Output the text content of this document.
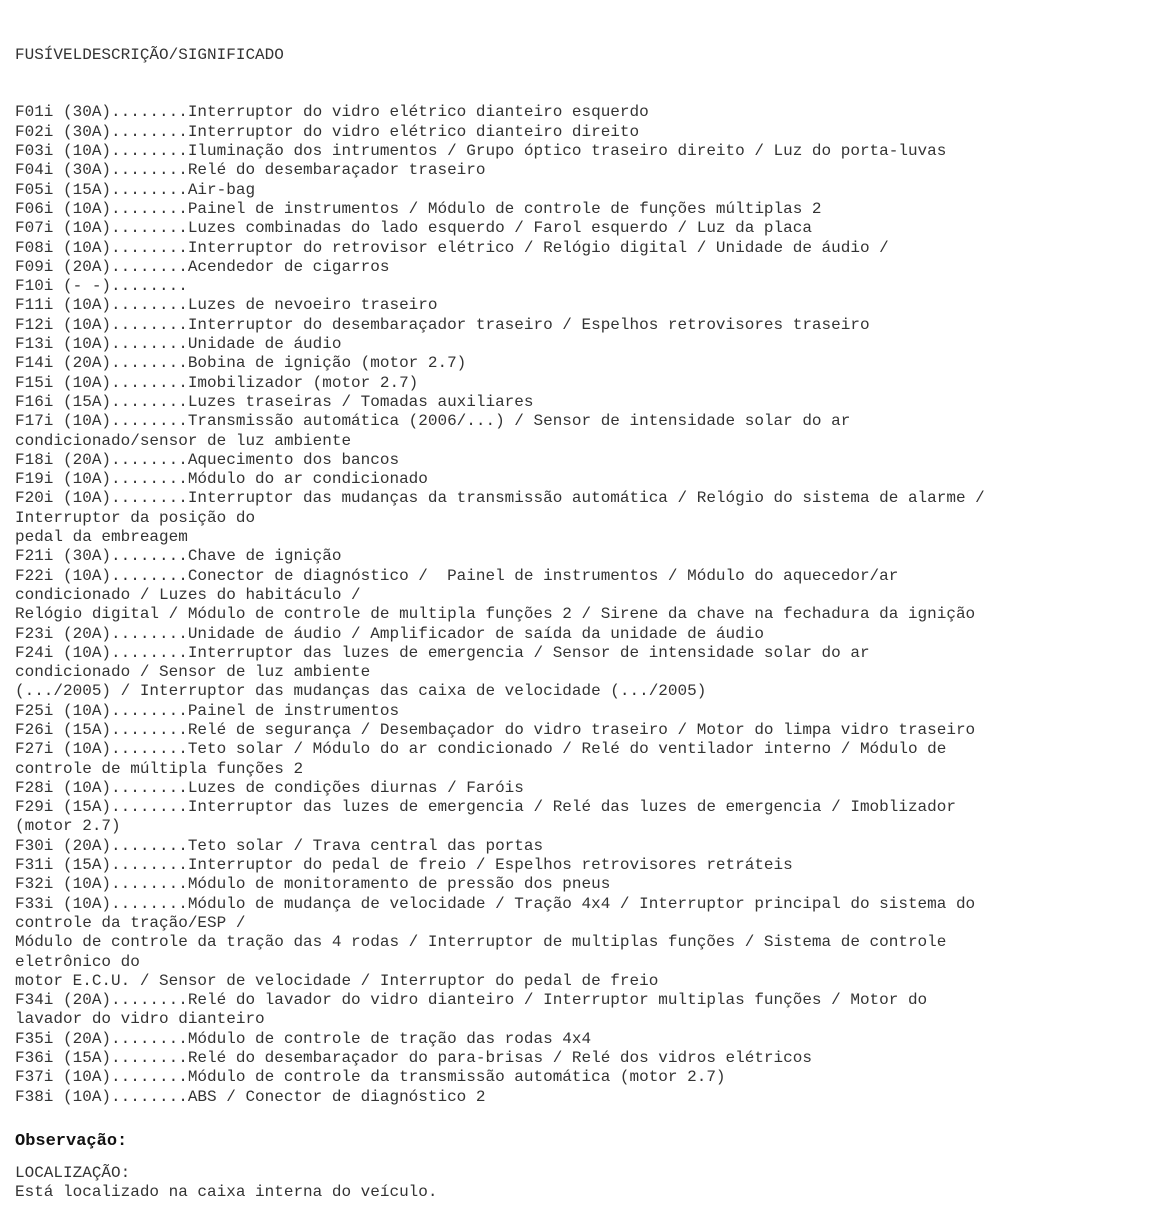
FUSÍVELDESCRIÇÃO/SIGNIFICADO

F01i (30A)........Interruptor do vidro elétrico dianteiro esquerdo
F02i (30A)........Interruptor do vidro elétrico dianteiro direito
F03i (10A)........Iluminação dos intrumentos / Grupo óptico traseiro direito / Luz do porta-luvas
F04i (30A)........Relé do desembaraçador traseiro
F05i (15A)........Air-bag
F06i (10A)........Painel de instrumentos / Módulo de controle de funções múltiplas 2
F07i (10A)........Luzes combinadas do lado esquerdo / Farol esquerdo / Luz da placa
F08i (10A)........Interruptor do retrovisor elétrico / Relógio digital / Unidade de áudio /
F09i (20A)........Acendedor de cigarros
F10i (- -)........
F11i (10A)........Luzes de nevoeiro traseiro
F12i (10A)........Interruptor do desembaraçador traseiro / Espelhos retrovisores traseiro
F13i (10A)........Unidade de áudio
F14i (20A)........Bobina de ignição (motor 2.7)
F15i (10A)........Imobilizador (motor 2.7)
F16i (15A)........Luzes traseiras / Tomadas auxiliares
F17i (10A)........Transmissão automática (2006/...) / Sensor de intensidade solar do ar
condicionado/sensor de luz ambiente
F18i (20A)........Aquecimento dos bancos
F19i (10A)........Módulo do ar condicionado
F20i (10A)........Interruptor das mudanças da transmissão automática / Relógio do sistema de alarme /
Interruptor da posição do
pedal da embreagem
F21i (30A)........Chave de ignição
F22i (10A)........Conector de diagnóstico /  Painel de instrumentos / Módulo do aquecedor/ar
condicionado / Luzes do habitáculo /
Relógio digital / Módulo de controle de multipla funções 2 / Sirene da chave na fechadura da ignição
F23i (20A)........Unidade de áudio / Amplificador de saída da unidade de áudio
F24i (10A)........Interruptor das luzes de emergencia / Sensor de intensidade solar do ar
condicionado / Sensor de luz ambiente
(.../2005) / Interruptor das mudanças das caixa de velocidade (.../2005)
F25i (10A)........Painel de instrumentos
F26i (15A)........Relé de segurança / Desembaçador do vidro traseiro / Motor do limpa vidro traseiro
F27i (10A)........Teto solar / Módulo do ar condicionado / Relé do ventilador interno / Módulo de
controle de múltipla funções 2
F28i (10A)........Luzes de condições diurnas / Faróis
F29i (15A)........Interruptor das luzes de emergencia / Relé das luzes de emergencia / Imoblizador
(motor 2.7)
F30i (20A)........Teto solar / Trava central das portas
F31i (15A)........Interruptor do pedal de freio / Espelhos retrovisores retráteis
F32i (10A)........Módulo de monitoramento de pressão dos pneus
F33i (10A)........Módulo de mudança de velocidade / Tração 4x4 / Interruptor principal do sistema do
controle da tração/ESP /
Módulo de controle da tração das 4 rodas / Interruptor de multiplas funções / Sistema de controle
eletrônico do
motor E.C.U. / Sensor de velocidade / Interruptor do pedal de freio
F34i (20A)........Relé do lavador do vidro dianteiro / Interruptor multiplas funções / Motor do
lavador do vidro dianteiro
F35i (20A)........Módulo de controle de tração das rodas 4x4
F36i (15A)........Relé do desembaraçador do para-brisas / Relé dos vidros elétricos
F37i (10A)........Módulo de controle da transmissão automática (motor 2.7)
F38i (10A)........ABS / Conector de diagnóstico 2

Observação:
LOCALIZAÇÃO:
Está localizado na caixa interna do veículo.
